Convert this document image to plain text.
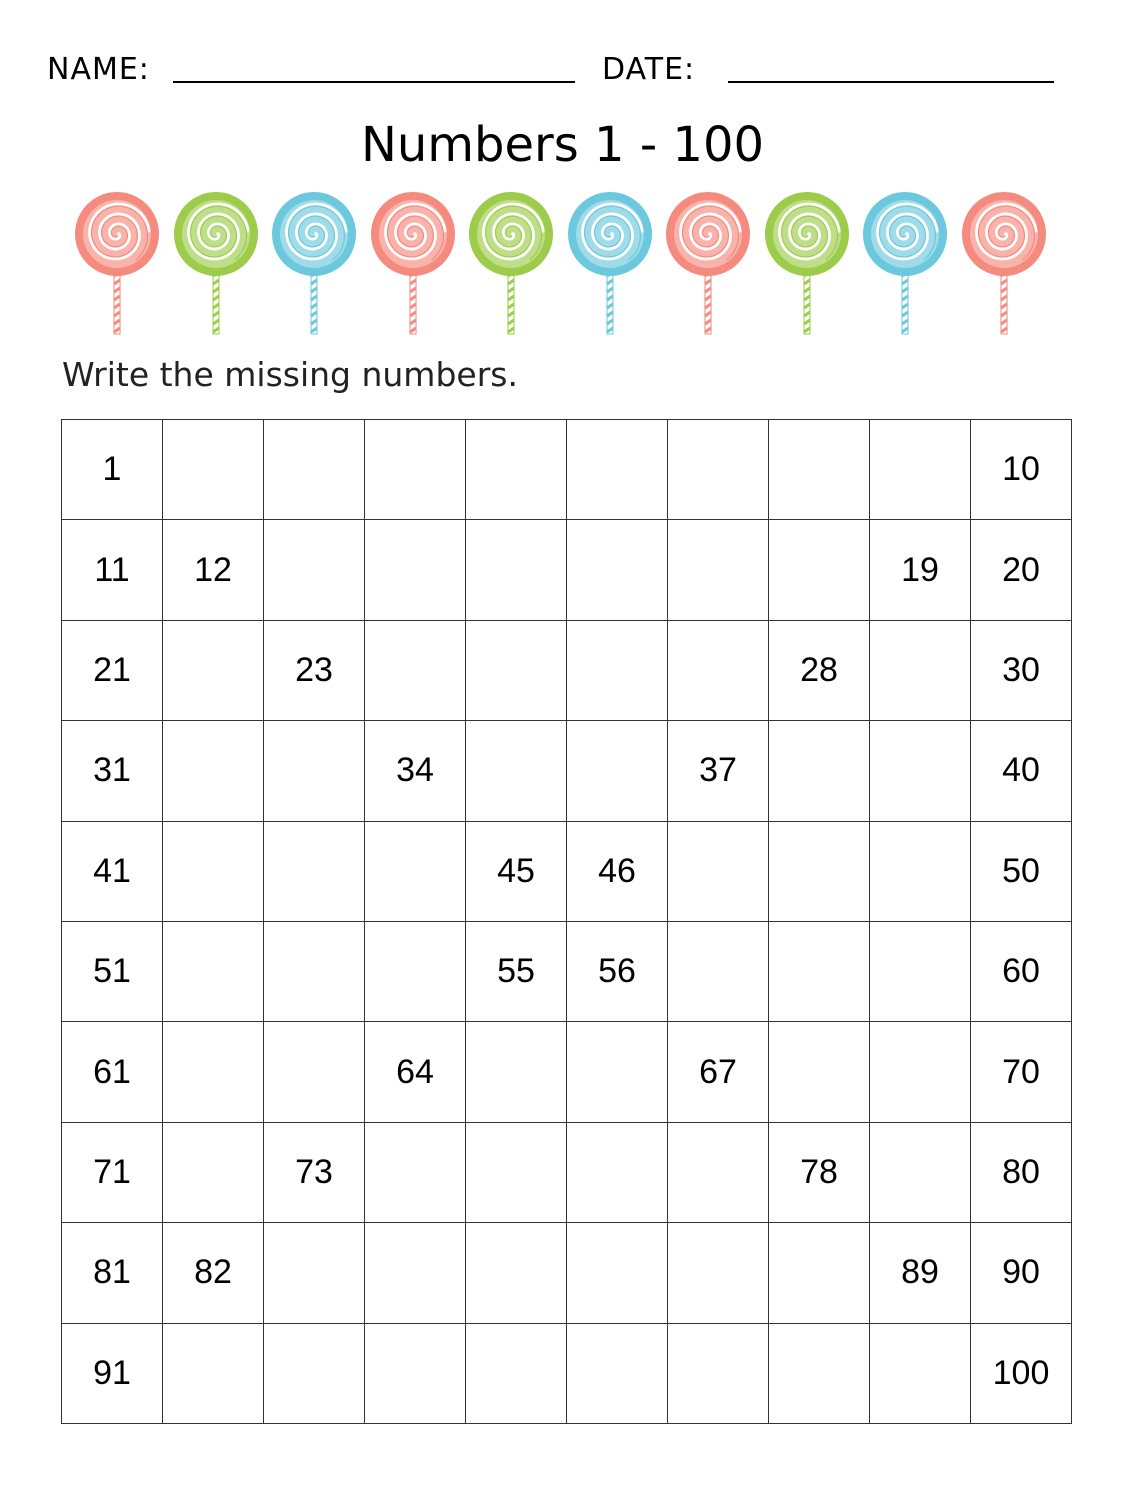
NAME:	DATE:
Numbers 1 - 100
Write the missing numbers.
1									10
11	12							19	20
21		23					28		30
31			34			37			40
41				45	46				50
51				55	56				60
61			64			67			70
71		73					78		80
81	82							89	90
91									100
